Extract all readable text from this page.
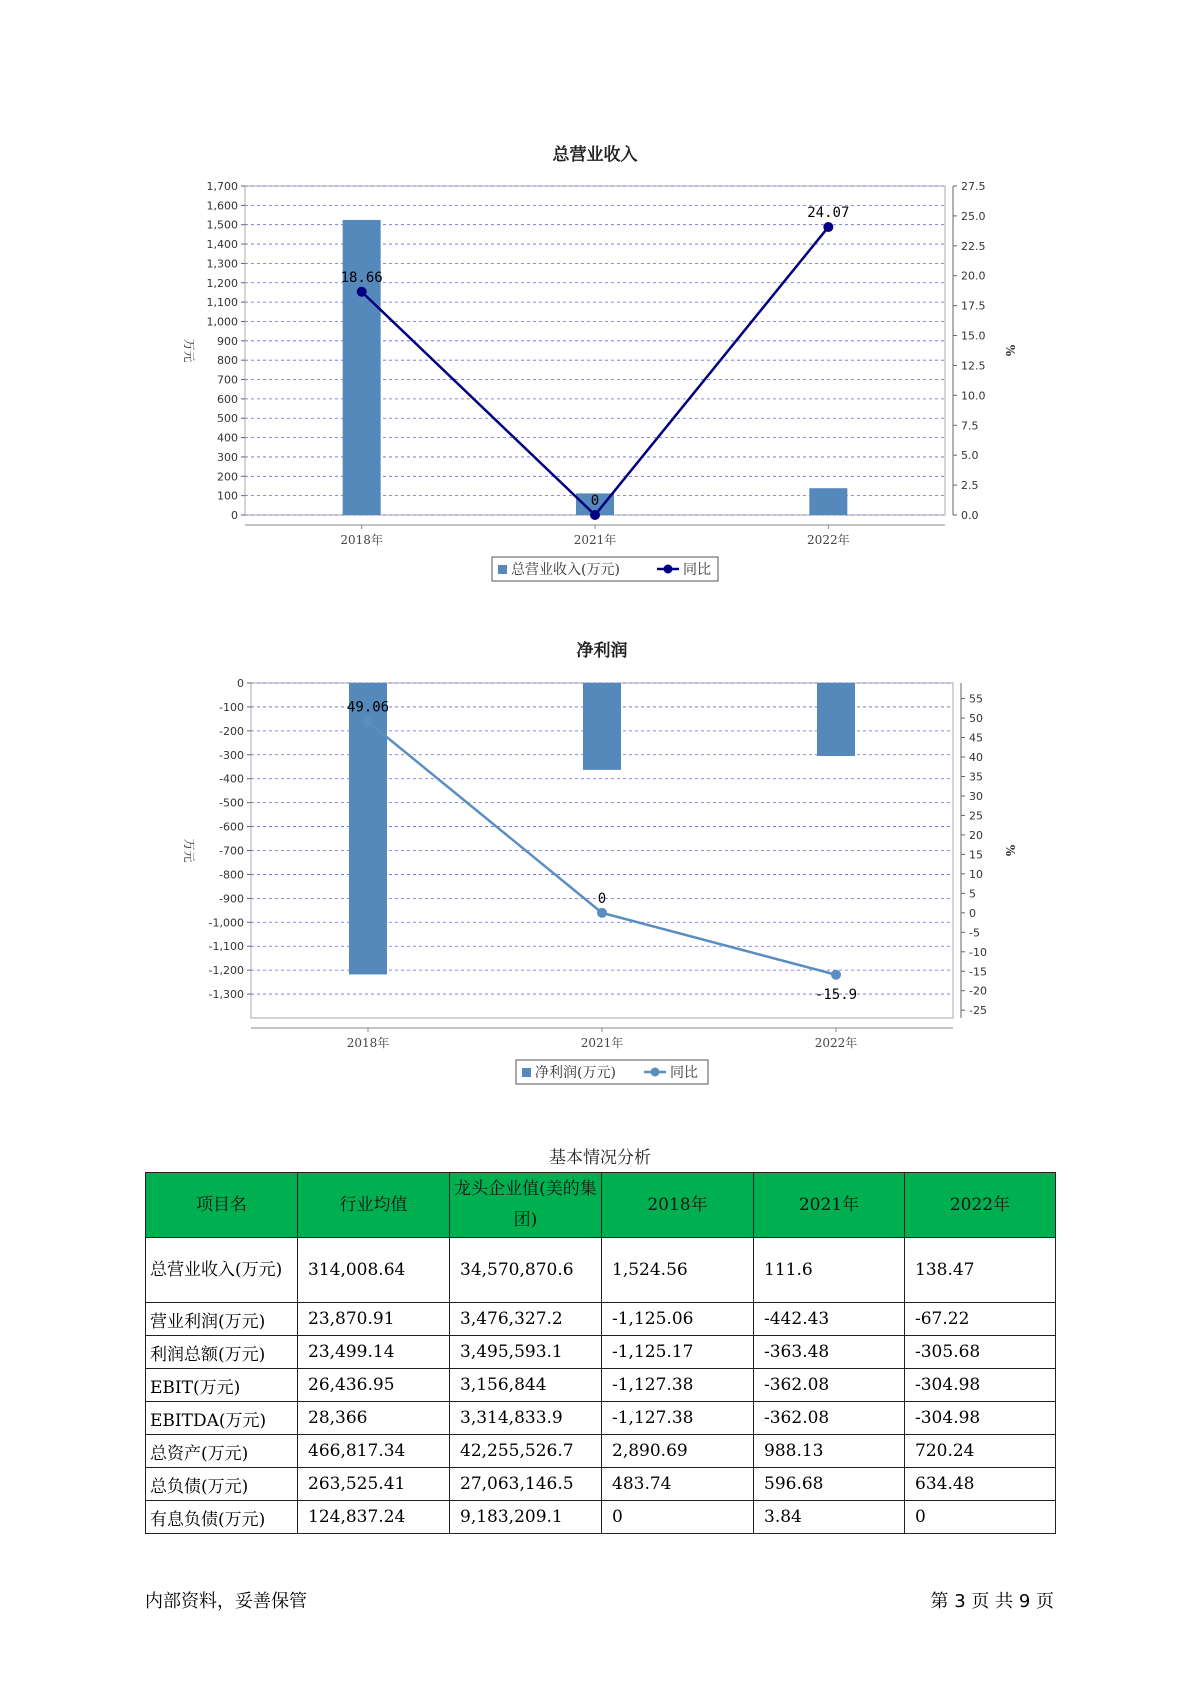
总营业收入
1,700
1,600
1,500
1,400
1,300
1,200
1,100
1,000
900
800
700
600
500
400
300
200
100
0
27.5
25.0
22.5
20.0
17.5
15.0
12.5
10.0
7.5
5.0
2.5
0.0
2018年	2021年	2022年
万元	%
18.66
0
24.07
总营业收入(万元)	同比
净利润
0
-100
-200
-300
-400
-500
-600
-700
-800
-900
-1,000
-1,100
-1,200
-1,300
55
50
45
40
35
30
25
20
15
10
5
0
-5
-10
-15
-20
-25
2018年	2021年	2022年
万元	%
49.06
0
-15.9
净利润(万元)	同比
基本情况分析
项目名	行业均值	龙头企业值(美的集团)	2018年	2021年	2022年
总营业收入(万元)	314,008.64	34,570,870.6	1,524.56	111.6	138.47
营业利润(万元)	23,870.91	3,476,327.2	-1,125.06	-442.43	-67.22
利润总额(万元)	23,499.14	3,495,593.1	-1,125.17	-363.48	-305.68
EBIT(万元)	26,436.95	3,156,844	-1,127.38	-362.08	-304.98
EBITDA(万元)	28,366	3,314,833.9	-1,127.38	-362.08	-304.98
总资产(万元)	466,817.34	42,255,526.7	2,890.69	988.13	720.24
总负债(万元)	263,525.41	27,063,146.5	483.74	596.68	634.48
有息负债(万元)	124,837.24	9,183,209.1	0	3.84	0
内部资料，妥善保管	第 3 页 共 9 页
